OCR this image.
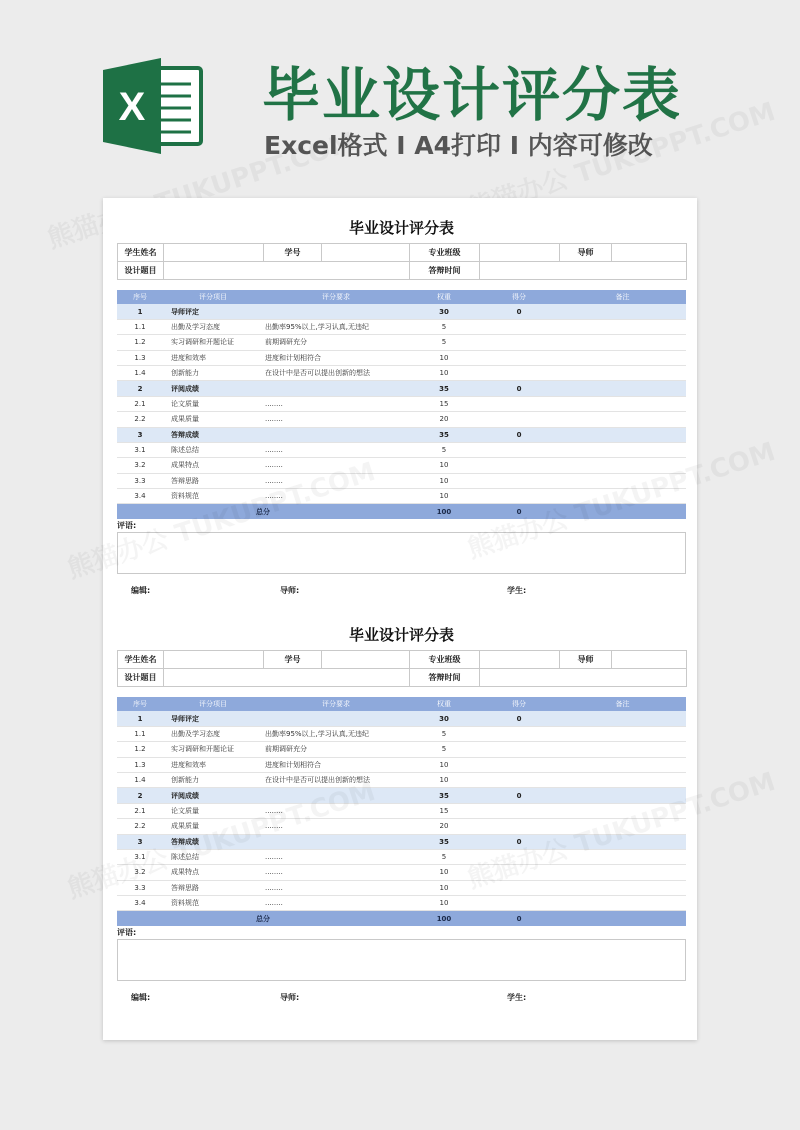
X 毕业设计评分表
Excel格式 I A4打印 I 内容可修改
毕业设计评分表
学生姓名		学号		专业班级		导师	
设计题目				答辩时间			
序号	评分项目	评分要求	权重	得分	备注
1	导师评定		30	0	
1.1	出勤及学习态度	出勤率95%以上,学习认真,无违纪	5		
1.2	实习调研和开题论证	前期调研充分	5		
1.3	进度和效率	进度和计划相符合	10		
1.4	创新能力	在设计中是否可以提出创新的想法	10		
2	评阅成绩		35	0	
2.1	论文质量	........	15		
2.2	成果质量	........	20		
3	答辩成绩		35	0	
3.1	陈述总结	........	5		
3.2	成果特点	........	10		
3.3	答辩思路	........	10		
3.4	资料规范	........	10		
总分			100	0	
评语:
编辑:	导师:	学生:
毕业设计评分表
学生姓名		学号		专业班级		导师	
设计题目				答辩时间			
序号	评分项目	评分要求	权重	得分	备注
1	导师评定		30	0	
1.1	出勤及学习态度	出勤率95%以上,学习认真,无违纪	5		
1.2	实习调研和开题论证	前期调研充分	5		
1.3	进度和效率	进度和计划相符合	10		
1.4	创新能力	在设计中是否可以提出创新的想法	10		
2	评阅成绩		35	0	
2.1	论文质量	........	15		
2.2	成果质量	........	20		
3	答辩成绩		35	0	
3.1	陈述总结	........	5		
3.2	成果特点	........	10		
3.3	答辩思路	........	10		
3.4	资料规范	........	10		
总分			100	0	
评语:
编辑:	导师:	学生:
